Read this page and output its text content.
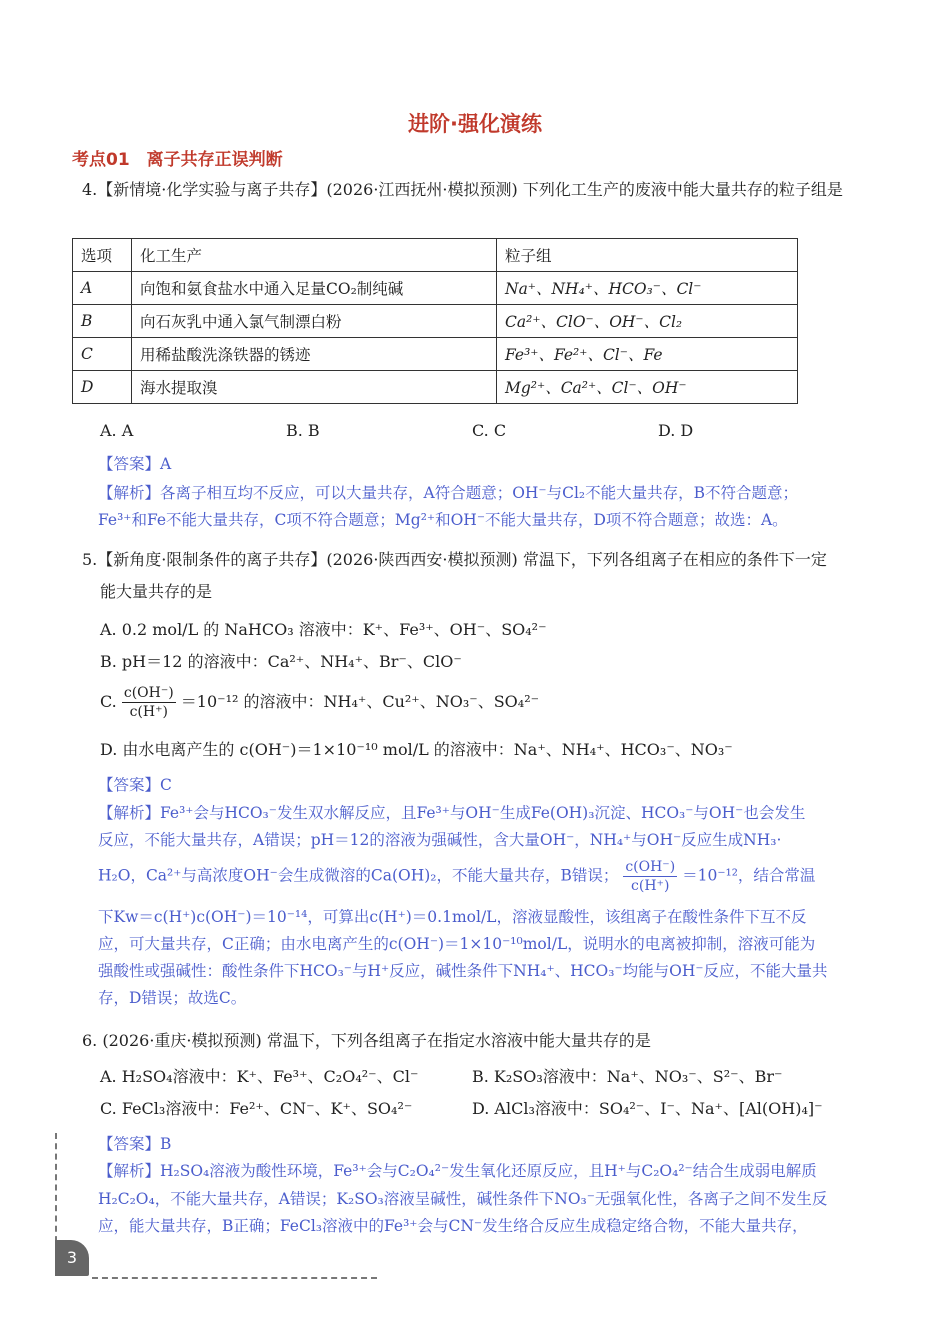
进阶·强化演练
考点01　离子共存正误判断
4.【新情境·化学实验与离子共存】(2026·江西抚州·模拟预测) 下列化工生产的废液中能大量共存的粒子组是
选项	化工生产	粒子组
A	向饱和氨食盐水中通入足量CO₂制纯碱	Na⁺、NH₄⁺、HCO₃⁻、Cl⁻
B	向石灰乳中通入氯气制漂白粉	Ca²⁺、ClO⁻、OH⁻、Cl₂
C	用稀盐酸洗涤铁器的锈迹	Fe³⁺、Fe²⁺、Cl⁻、Fe
D	海水提取溴	Mg²⁺、Ca²⁺、Cl⁻、OH⁻
A. A	B. B	C. C	D. D
【答案】A
【解析】各离子相互均不反应，可以大量共存，A符合题意；OH⁻与Cl₂不能大量共存，B不符合题意；
Fe³⁺和Fe不能大量共存，C项不符合题意；Mg²⁺和OH⁻不能大量共存，D项不符合题意；故选：A。
5.【新角度·限制条件的离子共存】(2026·陕西西安·模拟预测) 常温下，下列各组离子在相应的条件下一定
能大量共存的是
A. 0.2 mol/L 的 NaHCO₃ 溶液中：K⁺、Fe³⁺、OH⁻、SO₄²⁻
B. pH＝12 的溶液中：Ca²⁺、NH₄⁺、Br⁻、ClO⁻
C. $\frac{c(OH^-)}{c(H^+)} =10^{-12}$ 的溶液中：NH₄⁺、Cu²⁺、NO₃⁻、SO₄²⁻
D. 由水电离产生的 c(OH⁻)＝1×10⁻¹⁰ mol/L 的溶液中：Na⁺、NH₄⁺、HCO₃⁻、NO₃⁻
【答案】C
【解析】Fe³⁺会与HCO₃⁻发生双水解反应，且Fe³⁺与OH⁻生成Fe(OH)₃沉淀、HCO₃⁻与OH⁻也会发生
反应，不能大量共存，A错误；pH＝12的溶液为强碱性，含大量OH⁻，NH₄⁺与OH⁻反应生成NH₃·
H₂O，Ca²⁺与高浓度OH⁻会生成微溶的Ca(OH)₂，不能大量共存，B错误； $\frac{c(OH^-)}{c(H^+)} =10^{-12}$，结合常温
下Kw＝c(H⁺)c(OH⁻)＝10⁻¹⁴，可算出c(H⁺)＝0.1mol/L，溶液显酸性，该组离子在酸性条件下互不反
应，可大量共存，C正确；由水电离产生的c(OH⁻)＝1×10⁻¹⁰mol/L，说明水的电离被抑制，溶液可能为
强酸性或强碱性：酸性条件下HCO₃⁻与H⁺反应，碱性条件下NH₄⁺、HCO₃⁻均能与OH⁻反应，不能大量共
存，D错误；故选C。
6. (2026·重庆·模拟预测) 常温下，下列各组离子在指定水溶液中能大量共存的是
A. H₂SO₄溶液中：K⁺、Fe³⁺、C₂O₄²⁻、Cl⁻	B. K₂SO₃溶液中：Na⁺、NO₃⁻、S²⁻、Br⁻
C. FeCl₃溶液中：Fe²⁺、CN⁻、K⁺、SO₄²⁻	D. AlCl₃溶液中：SO₄²⁻、I⁻、Na⁺、[Al(OH)₄]⁻
【答案】B
【解析】H₂SO₄溶液为酸性环境，Fe³⁺会与C₂O₄²⁻发生氧化还原反应，且H⁺与C₂O₄²⁻结合生成弱电解质
H₂C₂O₄，不能大量共存，A错误；K₂SO₃溶液呈碱性，碱性条件下NO₃⁻无强氧化性，各离子之间不发生反
应，能大量共存，B正确；FeCl₃溶液中的Fe³⁺会与CN⁻发生络合反应生成稳定络合物，不能大量共存，
3
